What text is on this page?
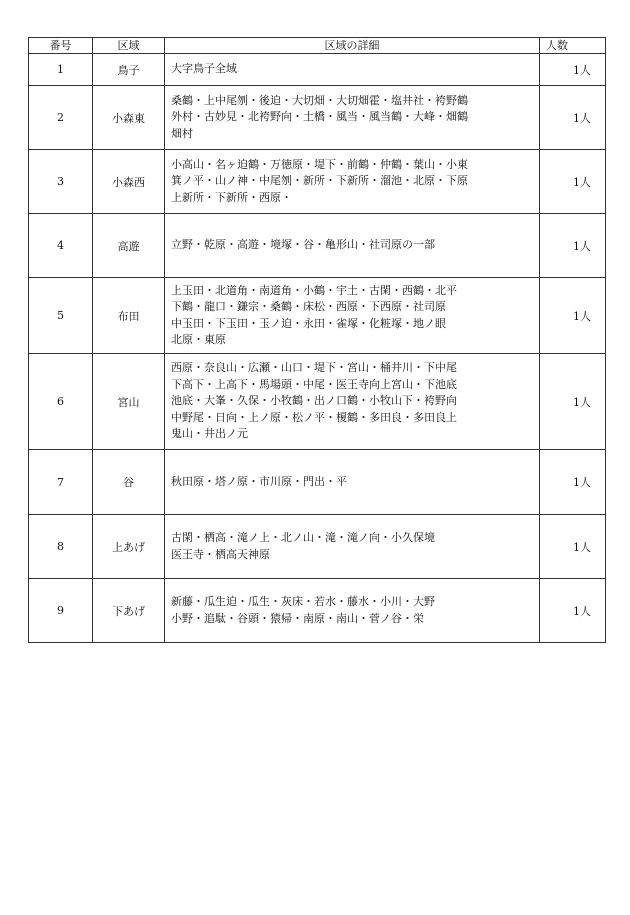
番号	区域	区域の詳細	人数
1	鳥子	大字鳥子全域	1人
2	小森東	桑鶴・上中尾刎・後迫・大切畑・大切畑霍・塩井社・袴野鶴
外村・古妙見・北袴野向・土橋・風当・風当鶴・大峰・畑鶴
畑村	1人
3	小森西	小高山・名ヶ迫鶴・万徳原・堤下・前鶴・仲鶴・葉山・小東
箕ノ平・山ノ神・中尾刎・新所・下新所・溜池・北原・下原
上新所・下新所・西原・	1人
4	高遊	立野・乾原・高遊・境塚・谷・亀形山・社司原の一部	1人
5	布田	上玉田・北道角・南道角・小鶴・宇土・古閑・西鶴・北平
下鶴・龍口・鎌宗・桑鶴・床松・西原・下西原・社司原
中玉田・下玉田・玉ノ迫・永田・雀塚・化粧塚・地ノ眼
北原・東原	1人
6	宮山	西原・奈良山・広瀬・山口・堤下・宮山・桶井川・下中尾
下高下・上高下・馬場頭・中尾・医王寺向上宮山・下池底
池底・大峯・久保・小牧鶴・出ノ口鶴・小牧山下・袴野向
中野尾・日向・上ノ原・松ノ平・榎鶴・多田良・多田良上
鬼山・井出ノ元	1人
7	谷	秋田原・塔ノ原・市川原・門出・平	1人
8	上あげ	古閑・栖高・滝ノ上・北ノ山・滝・滝ノ向・小久保境
医王寺・栖高天神原	1人
9	下あげ	新藤・瓜生迫・瓜生・灰床・若水・藤水・小川・大野
小野・追駄・谷頭・猿帰・南原・南山・菅ノ谷・栄	1人
